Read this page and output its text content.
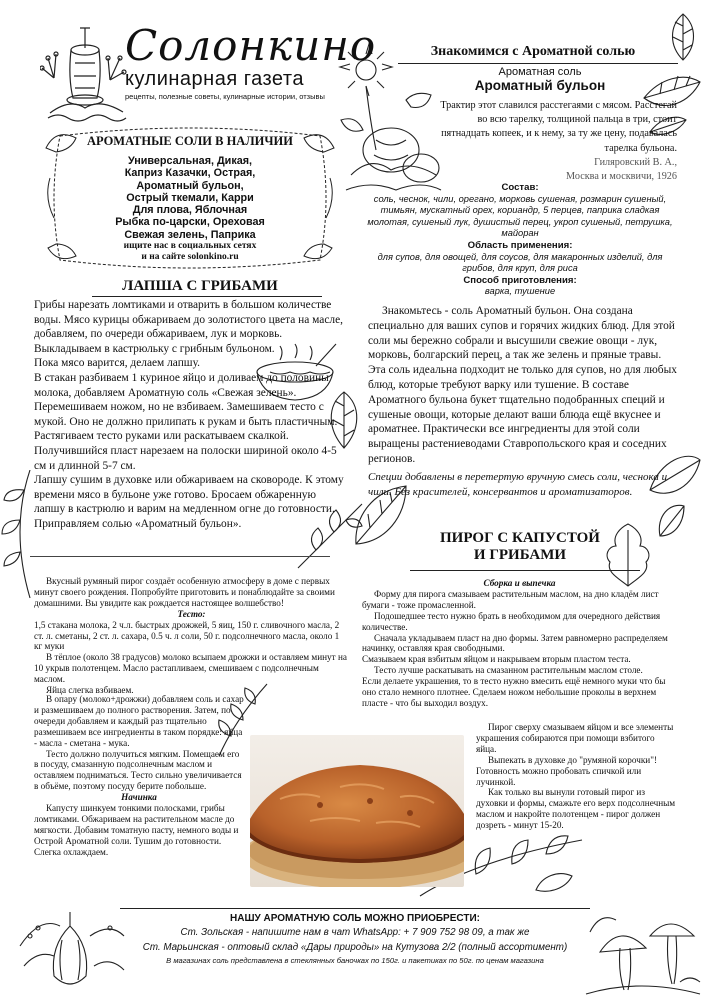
Солонкино
кулинарная газета
рецепты, полезные советы, кулинарные истории, отзывы
АРОМАТНЫЕ СОЛИ В НАЛИЧИИ
Универсальная, Дикая,
Каприз Казачки, Острая,
Ароматный бульон,
Острый ткемали, Карри
Для плова, Яблочная
Рыбка по-царски, Ореховая
Свежая зелень, Паприка
ищите нас в социальных сетях
и на сайте solonkino.ru
ЛАПША С ГРИБАМИ

Грибы нарезать ломтиками и отварить в большом количестве воды. Мясо курицы обжариваем до золотистого цвета на масле, добавляем, по очереди обжариваем, лук и морковь. Выкладываем в кастрюльку с грибным бульоном.

Пока мясо варится, делаем лапшу.

В стакан разбиваем 1 куриное яйцо и доливаем до половины молока, добавляем Ароматную соль «Свежая зелень». Перемешиваем ножом, но не взбиваем. Замешиваем тесто с мукой. Оно не должно прилипать к рукам и быть пластичным. Растягиваем тесто руками или раскатываем скалкой. Получившийся пласт нарезаем на полоски шириной около 4-5 см и длинной 5-7 см.

Лапшу сушим в духовке или обжариваем на сковороде. К этому времени мясо в бульоне уже готово. Бросаем обжаренную лапшу в кастрюлю и варим на медленном огне до готовности. Приправляем солью «Ароматный бульон».

Знакомимся с Ароматной солью
Ароматная соль
Ароматный бульон
Трактир этот славился расстегаями с мясом. Расстегай во всю тарелку, толщиной пальца в три, стоит пятнадцать копеек, и к нему, за ту же цену, подавалась тарелка бульона.
Гиляровский В. А.,
Москва и москвичи, 1926
Состав:
соль, чеснок, чили, орегано, морковь сушеная, розмарин сушеный, тимьян, мускатный орех, кориандр, 5 перцев, паприка сладкая молотая, сушеный лук, душистый перец, укроп сушеный, петрушка, майоран
Область применения:
для супов, для овощей, для соусов, для макаронных изделий, для грибов, для круп, для риса
Способ приготовления:
варка, тушение

Знакомьтесь - соль Ароматный бульон. Она создана специально для ваших супов и горячих жидких блюд. Для этой соли мы бережно собрали и высушили свежие овощи - лук, морковь, болгарский перец, а так же зелень и пряные травы.

Эта соль идеальна подходит не только для супов, но для любых блюд, которые требуют варку или тушение. В составе Ароматного бульона букет тщательно подобранных специй и сушеные овощи, которые делают ваши блюда ещё вкуснее и ароматнее. Практически все ингредиенты для этой соли выращены растениеводами Ставропольского края и соседних регионов.

Специи добавлены в перетертую вручную смесь соли, чеснока и чили. Без красителей, консервантов и ароматизаторов.
ПИРОГ С КАПУСТОЙ
И ГРИБАМИ

Вкусный румяный пирог создаёт особенную атмосферу в доме с первых минут своего рождения. Попробуйте приготовить и понаблюдайте за своими домашними. Вы увидите как рождается настоящее волшебство!

Тесто:

1,5 стакана молока, 2 ч.л. быстрых дрожжей, 5 яиц, 150 г. сливочного масла, 2 ст. л. сметаны, 2 ст. л. сахара, 0.5 ч. л соли, 50 г. подсолнечного масла, около 1 кг муки

В тёплое (около 38 градусов) молоко всыпаем дрожжи и оставляем минут на 10 укрыв полотенцем. Масло растапливаем, смешиваем с подсолнечным маслом.

Яйца слегка взбиваем.

В опару (молоко+дрожжи) добавляем соль и сахар и размешиваем до полного растворения. Затем, по очереди добавляем и каждый раз тщательно размешиваем все ингредиенты в таком порядке: яйца - масла - сметана - мука.

Тесто должно получиться мягким. Помещаем его в посуду, смазанную подсолнечным маслом и оставляем подниматься. Тесто сильно увеличивается в объёме, поэтому посуду берите побольше.

Начинка

Капусту шинкуем тонкими полосками, грибы ломтиками. Обжариваем на растительном масле до мягкости. Добавим томатную пасту, немного воды и Острой Ароматной соли. Тушим до готовности. Слегка охлаждаем.

Сборка и выпечка

Форму для пирога смазываем растительным маслом, на дно кладём лист бумаги - тоже промасленной.

Подошедшее тесто нужно брать в необходимом для очередного действия количестве.

Сначала укладываем пласт на дно формы. Затем равномерно распределяем начинку, оставляя края свободными.

Смазываем края взбитым яйцом и накрываем вторым пластом теста.

Тесто лучше раскатывать на смазанном растительным маслом столе.

Если делаете украшения, то в тесто нужно вмесить ещё немного муки что бы оно стало немного плотнее. Сделаем ножом небольшие проколы в верхнем пласте - что бы выходил воздух.

Пирог сверху смазываем яйцом и все элементы украшения собираются при помощи взбитого яйца.

Выпекать в духовке до "румяной корочки"!

Готовность можно пробовать спичкой или лучинкой.

Как только вы вынули готовый пирог из духовки и формы, смажьте его верх подсолнечным маслом и накройте полотенцем - пирог должен дозреть - минут 15-20.

НАШУ АРОМАТНУЮ СОЛЬ МОЖНО ПРИОБРЕСТИ:
Ст. Зольская - напишите нам в чат WhatsApp: + 7 909 752 98 09, а так же
Ст. Марьинская - оптовый склад «Дары природы» на Кутузова 2/2 (полный ассортимент)
В магазинах соль представлена в стеклянных баночках по 150г. и пакетиках по 50г. по ценам магазина
